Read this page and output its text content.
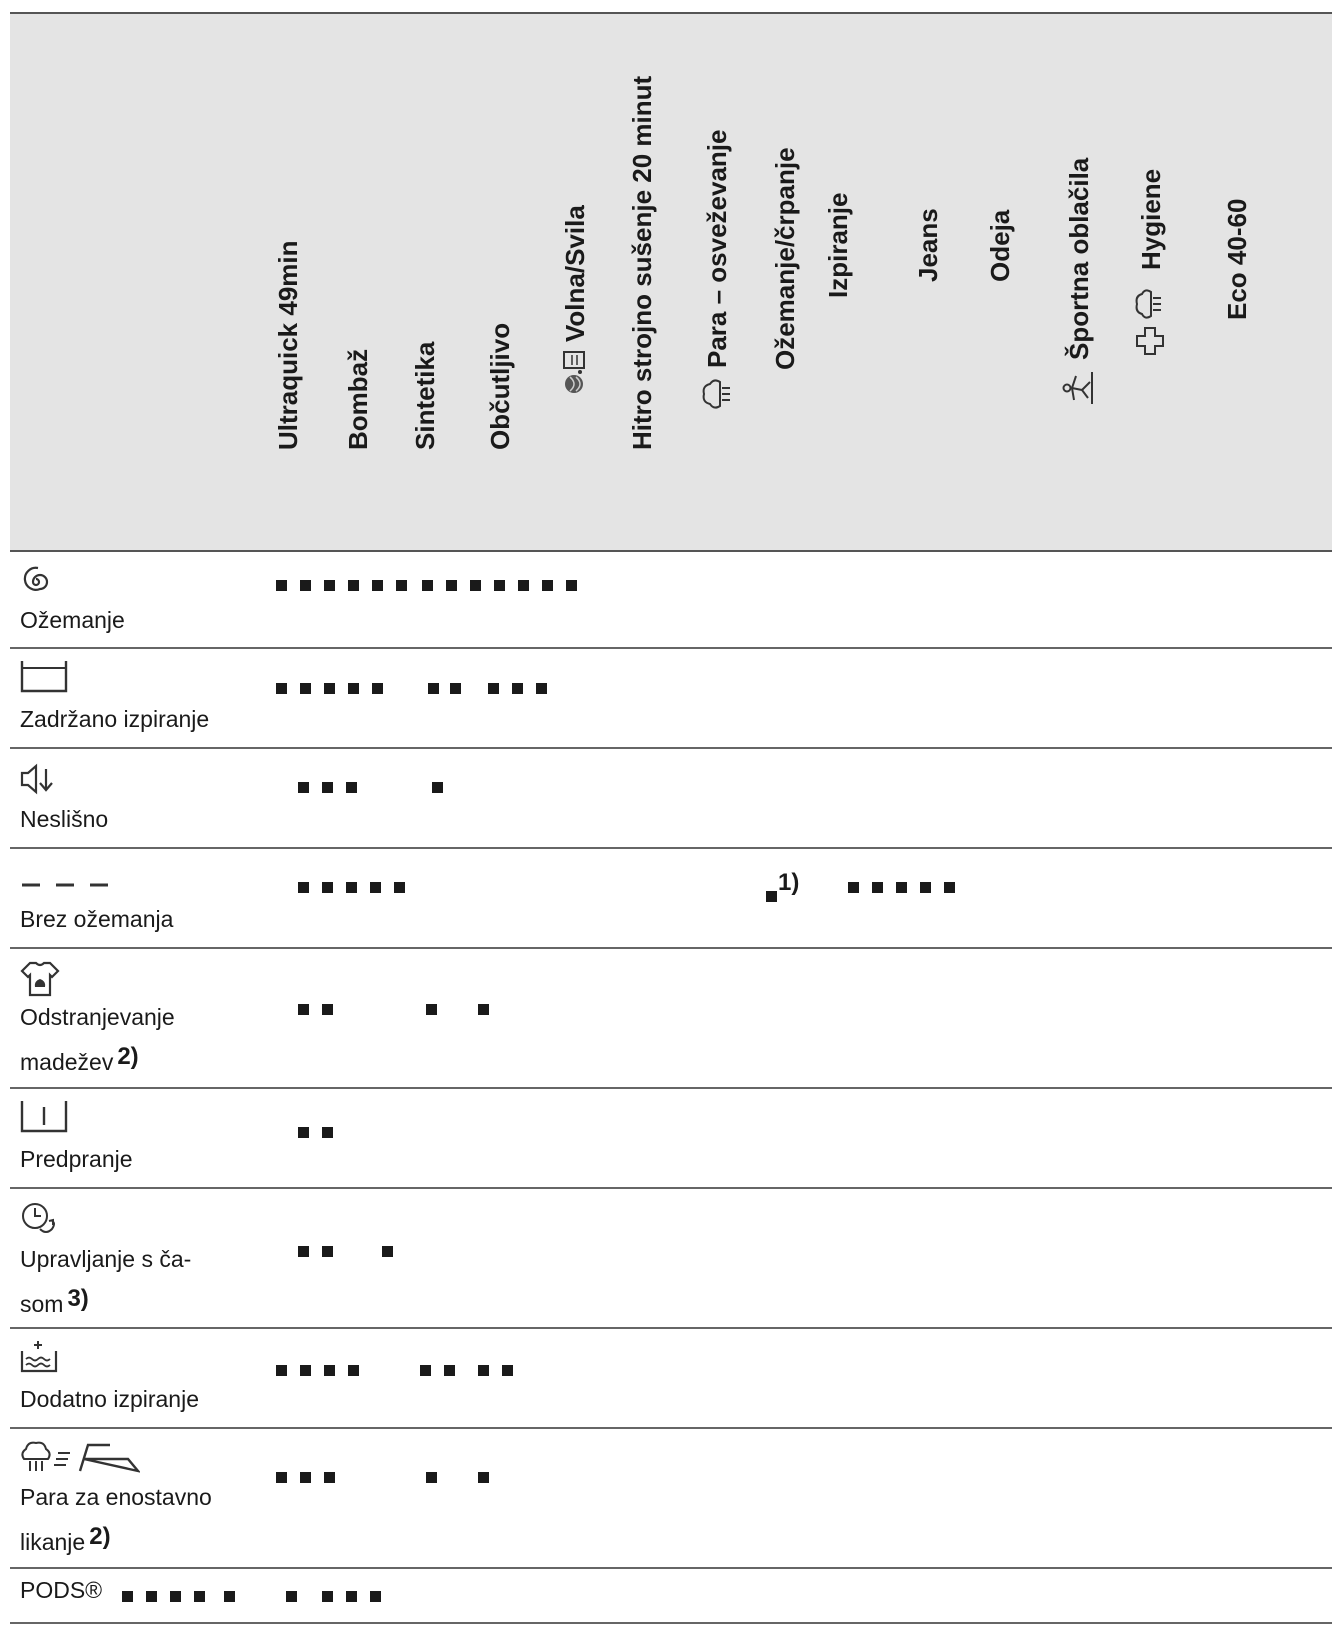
Ultraquick 49min Bombaž Sintetika Občutljivo
Volna/Svila Hitro strojno sušenje 20 minut Para – osveževanje Ožemanje/črpanje Izpiranje Jeans Odeja Športna oblačila Hygiene Eco 40-60
Ožemanje
Zadržano izpiranje
Neslišno
Brez ožemanja
1)
Odstranjevanje
madežev $^{2)}$
Predpranje
Upravljanje s ča-
som $^{3)}$
Dodatno izpiranje
Para za enostavno
likanje $^{2)}$
PODS®
